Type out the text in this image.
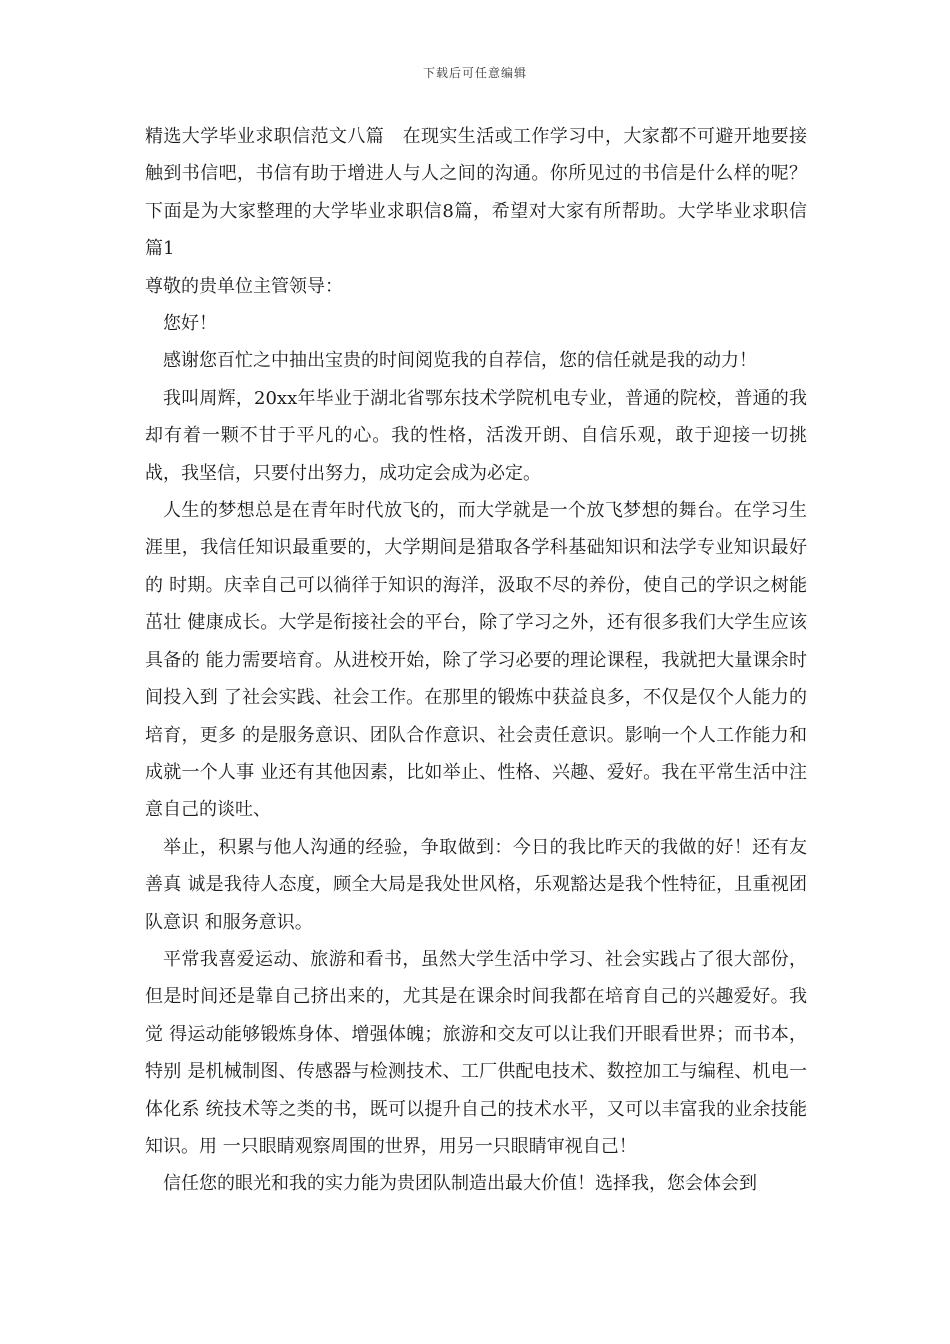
下载后可任意编辑

精选大学毕业求职信范文八篇　在现实生活或工作学习中，大家都不可避开地要接触到书信吧，书信有助于增进人与人之间的沟通。你所见过的书信是什么样的呢？下面是为大家整理的大学毕业求职信8篇，希望对大家有所帮助。大学毕业求职信 篇1

尊敬的贵单位主管领导：

您好！

感谢您百忙之中抽出宝贵的时间阅览我的自荐信，您的信任就是我的动力！

我叫周辉，20xx年毕业于湖北省鄂东技术学院机电专业，普通的院校，普通的我 却有着一颗不甘于平凡的心。我的性格，活泼开朗、自信乐观，敢于迎接一切挑战，我坚信，只要付出努力，成功定会成为必定。

人生的梦想总是在青年时代放飞的，而大学就是一个放飞梦想的舞台。在学习生 涯里，我信任知识最重要的，大学期间是猎取各学科基础知识和法学专业知识最好的 时期。庆幸自己可以徜徉于知识的海洋，汲取不尽的养份，使自己的学识之树能茁壮 健康成长。大学是衔接社会的平台，除了学习之外，还有很多我们大学生应该具备的 能力需要培育。从进校开始，除了学习必要的理论课程，我就把大量课余时间投入到 了社会实践、社会工作。在那里的锻炼中获益良多，不仅是仅个人能力的培育，更多 的是服务意识、团队合作意识、社会责任意识。影响一个人工作能力和成就一个人事 业还有其他因素，比如举止、性格、兴趣、爱好。我在平常生活中注意自己的谈吐、

举止，积累与他人沟通的经验，争取做到：今日的我比昨天的我做的好！还有友善真 诚是我待人态度，顾全大局是我处世风格，乐观豁达是我个性特征，且重视团队意识 和服务意识。

平常我喜爱运动、旅游和看书，虽然大学生活中学习、社会实践占了很大部份， 但是时间还是靠自己挤出来的，尤其是在课余时间我都在培育自己的兴趣爱好。我觉 得运动能够锻炼身体、增强体魄；旅游和交友可以让我们开眼看世界；而书本，特别 是机械制图、传感器与检测技术、工厂供配电技术、数控加工与编程、机电一体化系 统技术等之类的书，既可以提升自己的技术水平，又可以丰富我的业余技能知识。用 一只眼睛观察周围的世界，用另一只眼睛审视自己！

信任您的眼光和我的实力能为贵团队制造出最大价值！选择我，您会体会到
